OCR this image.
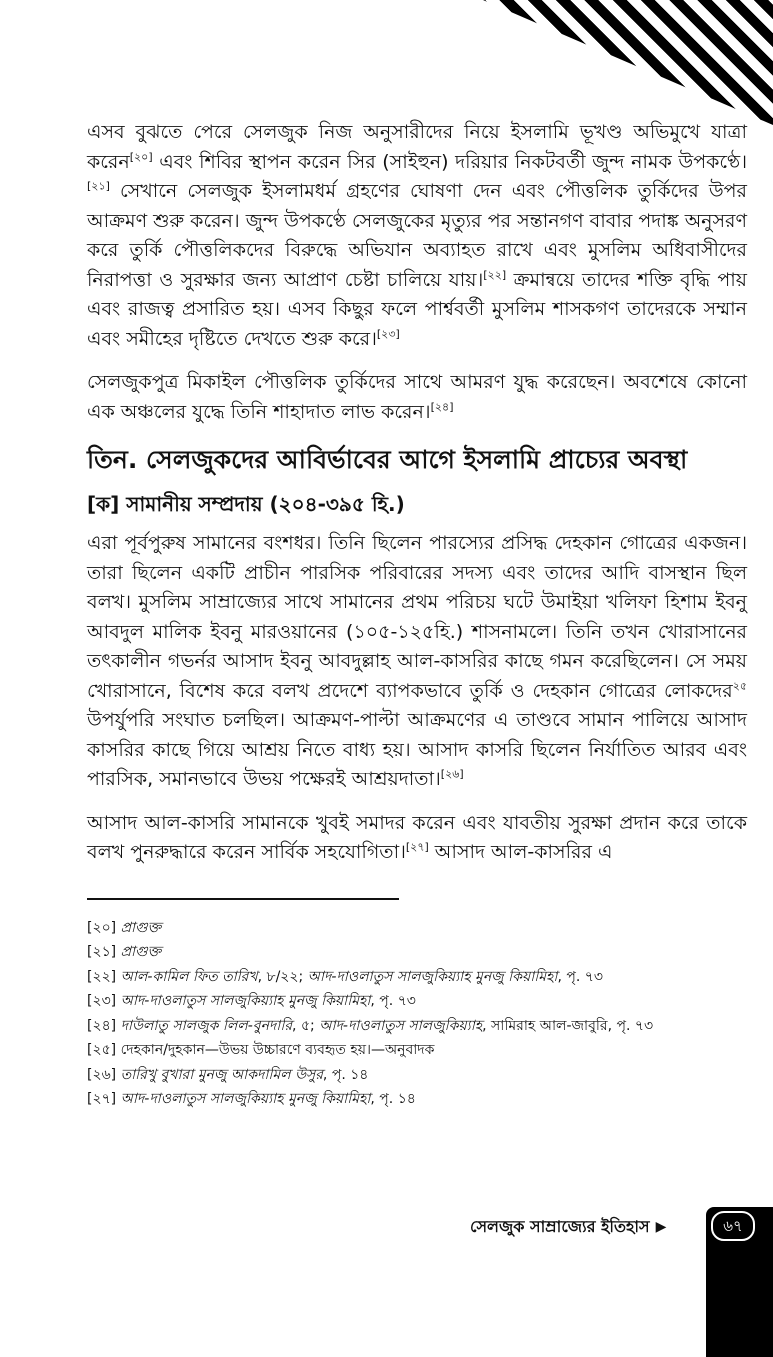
এসব বুঝতে পেরে সেলজুক নিজ অনুসারীদের নিয়ে ইসলামি ভূখণ্ড অভিমুখে যাত্রা করেন[২০] এবং শিবির স্থাপন করেন সির (সাইহুন) দরিয়ার নিকটবর্তী জুন্দ নামক উপকণ্ঠে।[২১] সেখানে সেলজুক ইসলামধর্ম গ্রহণের ঘোষণা দেন এবং পৌত্তলিক তুর্কিদের উপর আক্রমণ শুরু করেন। জুন্দ উপকণ্ঠে সেলজুকের মৃত্যুর পর সন্তানগণ বাবার পদাঙ্ক অনুসরণ করে তুর্কি পৌত্তলিকদের বিরুদ্ধে অভিযান অব্যাহত রাখে এবং মুসলিম অধিবাসীদের নিরাপত্তা ও সুরক্ষার জন্য আপ্রাণ চেষ্টা চালিয়ে যায়।[২২] ক্রমান্বয়ে তাদের শক্তি বৃদ্ধি পায় এবং রাজত্ব প্রসারিত হয়। এসব কিছুর ফলে পার্শ্ববর্তী মুসলিম শাসকগণ তাদেরকে সম্মান এবং সমীহের দৃষ্টিতে দেখতে শুরু করে।[২৩]

সেলজুকপুত্র মিকাইল পৌত্তলিক তুর্কিদের সাথে আমরণ যুদ্ধ করেছেন। অবশেষে কোনো এক অঞ্চলের যুদ্ধে তিনি শাহাদাত লাভ করেন।[২৪]

তিন. সেলজুকদের আবির্ভাবের আগে ইসলামি প্রাচ্যের অবস্থা
[ক] সামানীয় সম্প্রদায় (২০৪-৩৯৫ হি.)

এরা পূর্বপুরুষ সামানের বংশধর। তিনি ছিলেন পারস্যের প্রসিদ্ধ দেহকান গোত্রের একজন। তারা ছিলেন একটি প্রাচীন পারসিক পরিবারের সদস্য এবং তাদের আদি বাসস্থান ছিল বলখ। মুসলিম সাম্রাজ্যের সাথে সামানের প্রথম পরিচয় ঘটে উমাইয়া খলিফা হিশাম ইবনু আবদুল মালিক ইবনু মারওয়ানের (১০৫-১২৫হি.) শাসনামলে। তিনি তখন খোরাসানের তৎকালীন গভর্নর আসাদ ইবনু আবদুল্লাহ আল-কাসরির কাছে গমন করেছিলেন। সে সময় খোরাসানে, বিশেষ করে বলখ প্রদেশে ব্যাপকভাবে তুর্কি ও দেহকান গোত্রের লোকদের$^{২৫}$ উপর্যুপরি সংঘাত চলছিল। আক্রমণ-পাল্টা আক্রমণের এ তাণ্ডবে সামান পালিয়ে আসাদ কাসরির কাছে গিয়ে আশ্রয় নিতে বাধ্য হয়। আসাদ কাসরি ছিলেন নির্যাতিত আরব এবং পারসিক, সমানভাবে উভয় পক্ষেরই আশ্রয়দাতা।[২৬]

আসাদ আল-কাসরি সামানকে খুবই সমাদর করেন এবং যাবতীয় সুরক্ষা প্রদান করে তাকে বলখ পুনরুদ্ধারে করেন সার্বিক সহযোগিতা।[২৭] আসাদ আল-কাসরির এ

[২০] প্রাগুক্ত
[২১] প্রাগুক্ত
[২২] আল-কামিল ফিত তারিখ, ৮/২২; আদ-দাওলাতুস সালজুকিয়্যাহ মুনজু কিয়ামিহা, পৃ. ৭৩
[২৩] আদ-দাওলাতুস সালজুকিয়্যাহ মুনজু কিয়ামিহা, পৃ. ৭৩
[২৪] দাউলাতু সালজুক লিল-বুনদারি, ৫; আদ-দাওলাতুস সালজুকিয়্যাহ, সামিরাহ আল-জাবুরি, পৃ. ৭৩
[২৫] দেহকান/দুহকান—উভয় উচ্চারণে ব্যবহৃত হয়।—অনুবাদক
[২৬] তারিখু বুখারা মুনজু আকদামিল উসুর, পৃ. ১৪
[২৭] আদ-দাওলাতুস সালজুকিয়্যাহ মুনজু কিয়ামিহা, পৃ. ১৪
সেলজুক সাম্রাজ্যের ইতিহাস ▶	৬৭
